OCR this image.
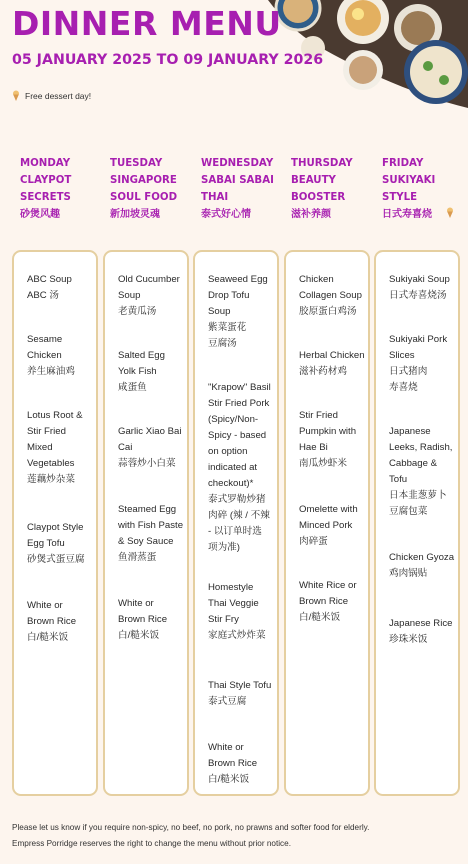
DINNER MENU
05 JANUARY 2025 TO 09 JANUARY 2026
Free dessert day!
MONDAY
CLAYPOT
SECRETS
砂煲风趣
TUESDAY
SINGAPORE
SOUL FOOD
新加坡灵魂
WEDNESDAY
SABAI SABAI
THAI
泰式好心情
THURSDAY
BEAUTY
BOOSTER
滋补养颜
FRIDAY
SUKIYAKI
STYLE
日式寿喜烧
ABC Soup
ABC 汤
Sesame
Chicken
养生麻油鸡
Lotus Root &
Stir Fried
Mixed
Vegetables
莲藕炒杂菜
Claypot Style
Egg Tofu
砂煲式蛋豆腐
White or
Brown Rice
白/糙米饭
Old Cucumber
Soup
老黄瓜汤
Salted Egg
Yolk Fish
咸蛋鱼
Garlic Xiao Bai
Cai
蒜蓉炒小白菜
Steamed Egg
with Fish Paste
& Soy Sauce
鱼滑蒸蛋
White or
Brown Rice
白/糙米饭
Seaweed Egg
Drop Tofu
Soup
紫菜蛋花
豆腐汤
"Krapow" Basil
Stir Fried Pork
(Spicy/Non-
Spicy - based
on option
indicated at
checkout)*
泰式罗勒炒猪
肉碎 (辣 / 不辣
- 以订单时选
项为准)
Homestyle
Thai Veggie
Stir Fry
家庭式炒炸菜
Thai Style Tofu
泰式豆腐
White or
Brown Rice
白/糙米饭
Chicken
Collagen Soup
胶原蛋白鸡汤
Herbal Chicken
滋补药材鸡
Stir Fried
Pumpkin with
Hae Bi
南瓜炒虾米
Omelette with
Minced Pork
肉碎蛋
White Rice or
Brown Rice
白/糙米饭
Sukiyaki Soup
日式寿喜烧汤
Sukiyaki Pork
Slices
日式猪肉
寿喜烧
Japanese
Leeks, Radish,
Cabbage &
Tofu
日本韭葱萝卜
豆腐包菜
Chicken Gyoza
鸡肉锅贴
Japanese Rice
珍珠米饭
Please let us know if you require non-spicy, no beef, no pork, no prawns and softer food for elderly.
Empress Porridge reserves the right to change the menu without prior notice.
